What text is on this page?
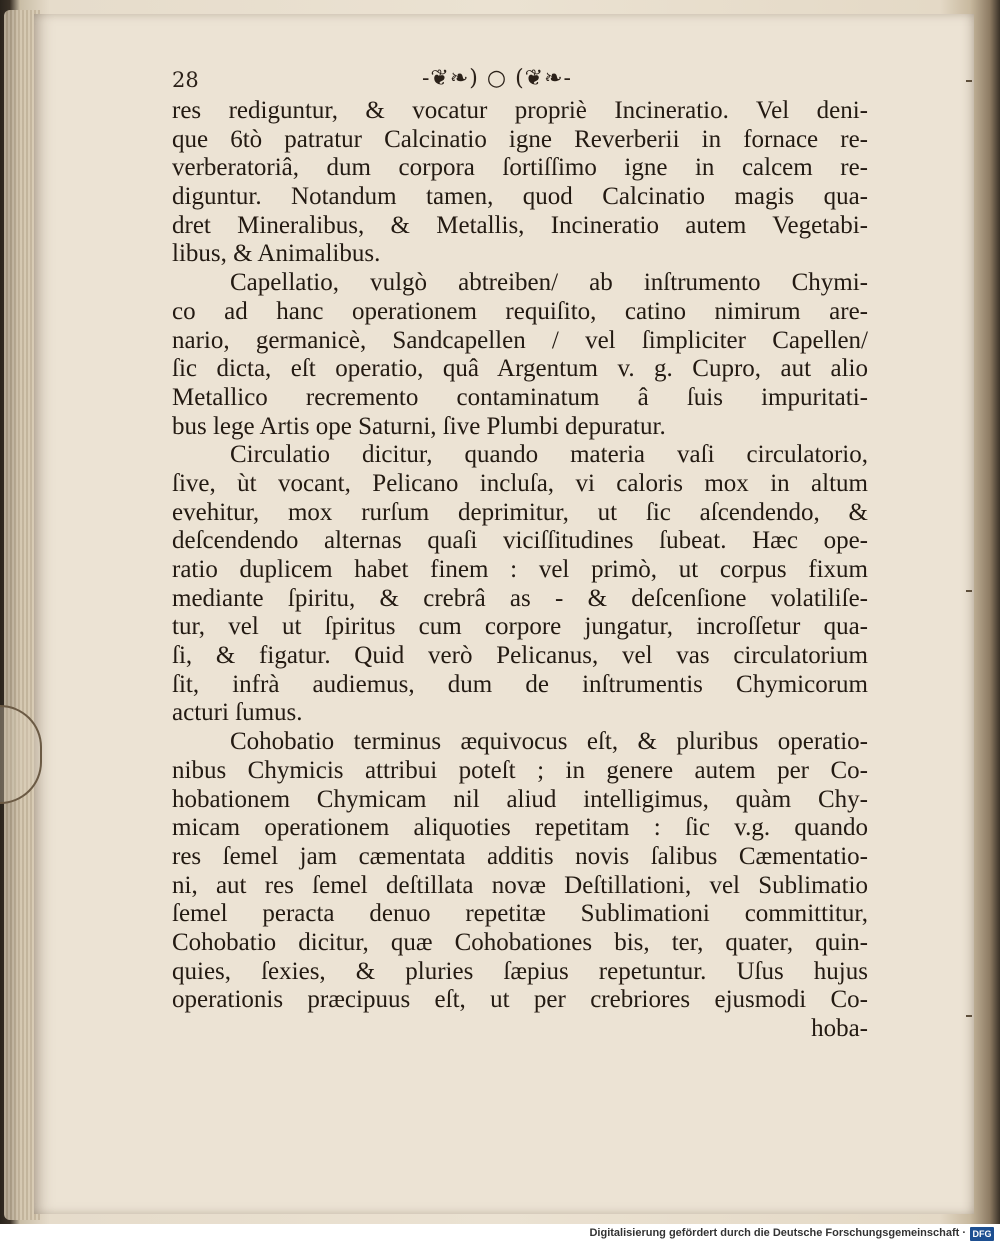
28	-❦❧) ○ (❦❧-
res rediguntur, & vocatur propriè Incineratio. Vel deni-
que 6tò patratur Calcinatio igne Reverberii in fornace re-
verberatoriâ, dum corpora ſortiſſimo igne in calcem re-
diguntur. Notandum tamen, quod Calcinatio magis qua-
dret Mineralibus, & Metallis, Incineratio autem Vegetabi-
libus, & Animalibus.
Capellatio, vulgò abtreiben/ ab inſtrumento Chymi-
co ad hanc operationem requiſito, catino nimirum are-
nario, germanicè, Sandcapellen / vel ſimpliciter Capellen/
ſic dicta, eſt operatio, quâ Argentum v. g. Cupro, aut alio
Metallico recremento contaminatum â ſuis impuritati-
bus lege Artis ope Saturni, ſive Plumbi depuratur.
Circulatio dicitur, quando materia vaſi circulatorio,
ſive, ùt vocant, Pelicano incluſa, vi caloris mox in altum
evehitur, mox rurſum deprimitur, ut ſic aſcendendo, &
deſcendendo alternas quaſi viciſſitudines ſubeat. Hæc ope-
ratio duplicem habet finem : vel primò, ut corpus fixum
mediante ſpiritu, & crebrâ as - & deſcenſione volatiliſe-
tur, vel ut ſpiritus cum corpore jungatur, incroſſetur qua-
ſi, & figatur. Quid verò Pelicanus, vel vas circulatorium
ſit, infrà audiemus, dum de inſtrumentis Chymicorum
acturi ſumus.
Cohobatio terminus æquivocus eſt, & pluribus operatio-
nibus Chymicis attribui poteſt ; in genere autem per Co-
hobationem Chymicam nil aliud intelligimus, quàm Chy-
micam operationem aliquoties repetitam : ſic v.g. quando
res ſemel jam cæmentata additis novis ſalibus Cæmentatio-
ni, aut res ſemel deſtillata novæ Deſtillationi, vel Sublimatio
ſemel peracta denuo repetitæ Sublimationi committitur,
Cohobatio dicitur, quæ Cohobationes bis, ter, quater, quin-
quies, ſexies, & pluries ſæpius repetuntur. Uſus hujus
operationis præcipuus eſt, ut per crebriores ejusmodi Co-
hoba-
Digitalisierung gefördert durch die Deutsche Forschungsgemeinschaft · DFG
